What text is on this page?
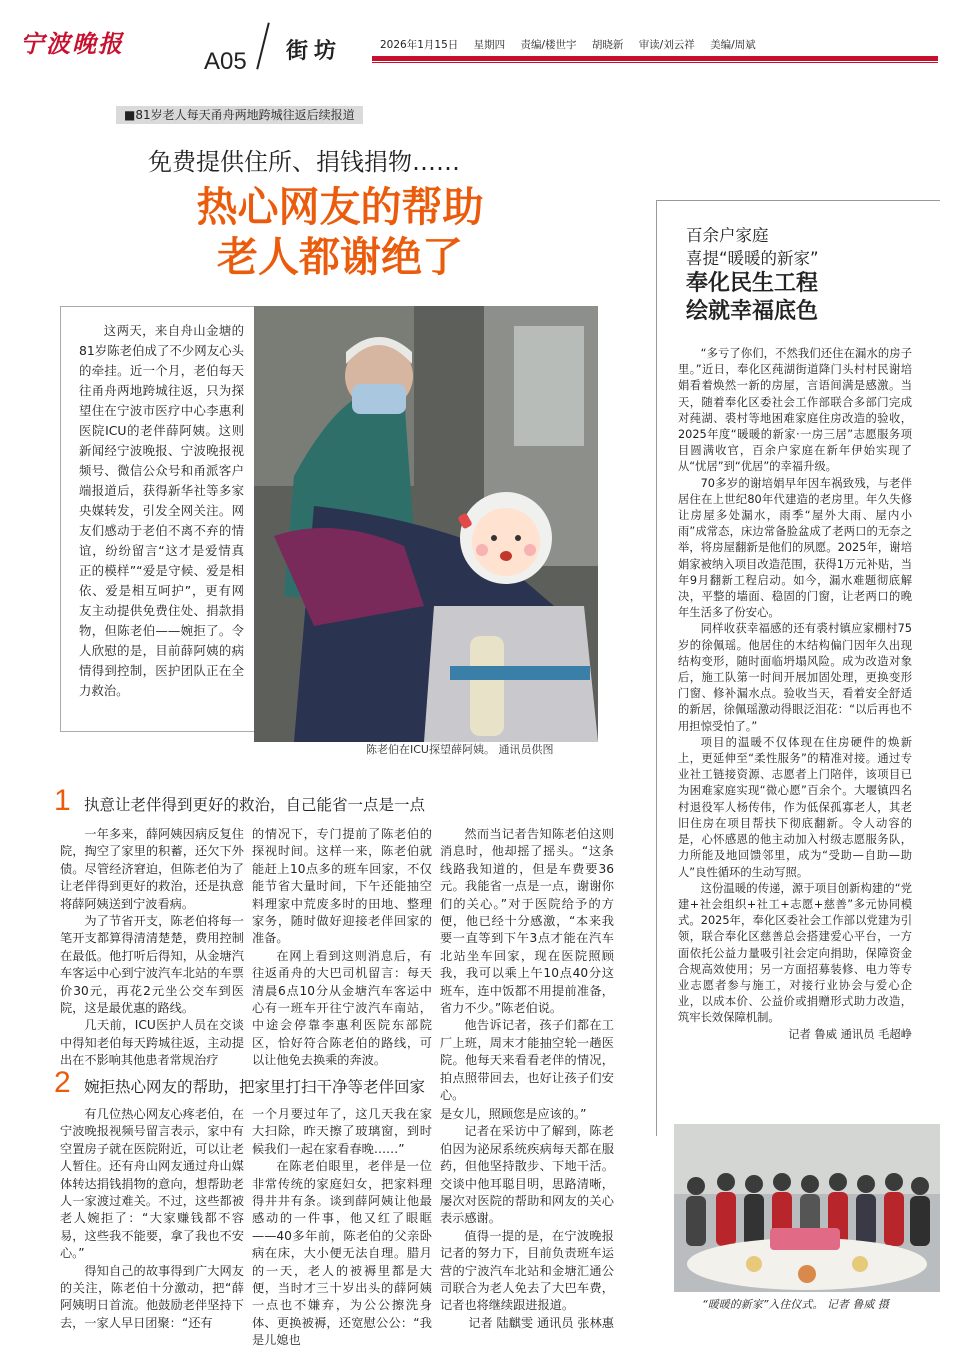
宁波晚报
A05 街坊	2026年1月15日 星期四 责编/楼世宇 胡晓新 审读/刘云祥 美编/周斌
■81岁老人每天甬舟两地跨城往返后续报道
免费提供住所、捐钱捐物……
热心网友的帮助
老人都谢绝了

这两天，来自舟山金塘的81岁陈老伯成了不少网友心头的牵挂。近一个月，老伯每天往甬舟两地跨城往返，只为探望住在宁波市医疗中心李惠利医院ICU的老伴薛阿姨。这则新闻经宁波晚报、宁波晚报视频号、微信公众号和甬派客户端报道后，获得新华社等多家央媒转发，引发全网关注。网友们感动于老伯不离不弃的情谊，纷纷留言“这才是爱情真正的模样”“爱是守候、爱是相依、爱是相互呵护”，更有网友主动提供免费住处、捐款捐物，但陈老伯——婉拒了。令人欣慰的是，目前薛阿姨的病情得到控制，医护团队正在全力救治。

陈老伯在ICU探望薛阿姨。 通讯员供图
1 执意让老伴得到更好的救治，自己能省一点是一点

一年多来，薛阿姨因病反复住院，掏空了家里的积蓄，还欠下外债。尽管经济窘迫，但陈老伯为了让老伴得到更好的救治，还是执意将薛阿姨送到宁波看病。

为了节省开支，陈老伯将每一笔开支都算得清清楚楚，费用控制在最低。他打听后得知，从金塘汽车客运中心到宁波汽车北站的车票价30元，再花2元坐公交车到医院，这是最优惠的路线。

几天前，ICU医护人员在交谈中得知老伯每天跨城往返，主动提出在不影响其他患者常规治疗

的情况下，专门提前了陈老伯的探视时间。这样一来，陈老伯就能赶上10点多的班车回家，不仅能节省大量时间，下午还能抽空料理家中荒废多时的田地、整理家务，随时做好迎接老伴回家的准备。

在网上看到这则消息后，有往返甬舟的大巴司机留言：每天清晨6点10分从金塘汽车客运中心有一班车开往宁波汽车南站，中途会停靠李惠利医院东部院区，恰好符合陈老伯的路线，可以让他免去换乘的奔波。

然而当记者告知陈老伯这则消息时，他却摇了摇头。“这条线路我知道的，但是车费要36元。我能省一点是一点，谢谢你们的关心。”对于医院给予的方便，他已经十分感激，“本来我要一直等到下午3点才能在汽车北站坐车回家，现在医院照顾我，我可以乘上午10点40分这班车，连中饭都不用提前准备，省力不少。”陈老伯说。

他告诉记者，孩子们都在工厂上班，周末才能抽空轮一趟医院。他每天来看看老伴的情况，拍点照带回去，也好让孩子们安心。

2 婉拒热心网友的帮助，把家里打扫干净等老伴回家

有几位热心网友心疼老伯，在宁波晚报视频号留言表示，家中有空置房子就在医院附近，可以让老人暂住。还有舟山网友通过舟山媒体转达捐钱捐物的意向，想帮助老人一家渡过难关。不过，这些都被老人婉拒了：“大家赚钱都不容易，这些我不能要，拿了我也不安心。”

得知自己的故事得到广大网友的关注，陈老伯十分激动，把“薛阿姨明日首流。他鼓励老伴坚持下去，一家人早日团聚：“还有

一个月要过年了，这几天我在家大扫除，昨天擦了玻璃窗，到时候我们一起在家看春晚……”

在陈老伯眼里，老伴是一位非常传统的家庭妇女，把家料理得井井有条。谈到薛阿姨让他最感动的一件事，他又红了眼眶——40多年前，陈老伯的父亲卧病在床，大小便无法自理。腊月的一天，老人的被褥里都是大便，当时才三十岁出头的薛阿姨一点也不嫌弃，为公公擦洗身体、更换被褥，还宽慰公公：“我是儿媳也

是女儿，照顾您是应该的。”

记者在采访中了解到，陈老伯因为泌尿系统疾病每天都在服药，但他坚持散步、下地干活。交谈中他耳聪目明，思路清晰，屡次对医院的帮助和网友的关心表示感谢。

值得一提的是，在宁波晚报记者的努力下，目前负责班车运营的宁波汽车北站和金塘汇通公司联合为老人免去了大巴车费，记者也将继续跟进报道。

记者 陆麒雯 通讯员 张林惠

百余户家庭
喜提“暖暖的新家”
奉化民生工程
绘就幸福底色

“多亏了你们，不然我们还住在漏水的房子里。”近日，奉化区莼湖街道降门头村村民谢培娟看着焕然一新的房屋，言语间满是感激。当天，随着奉化区委社会工作部联合多部门完成对莼湖、裘村等地困难家庭住房改造的验收，2025年度“暖暖的新家·一房三居”志愿服务项目圆满收官，百余户家庭在新年伊始实现了从“忧居”到“优居”的幸福升级。

70多岁的谢培娟早年因车祸致残，与老伴居住在上世纪80年代建造的老房里。年久失修让房屋多处漏水，雨季“屋外大雨、屋内小雨”成常态，床边常备脸盆成了老两口的无奈之举，将房屋翻新是他们的夙愿。2025年，谢培娟家被纳入项目改造范围，获得1万元补贴，当年9月翻新工程启动。如今，漏水难题彻底解决，平整的墙面、稳固的门窗，让老两口的晚年生活多了份安心。

同样收获幸福感的还有裘村镇应家棚村75岁的徐佩瑶。他居住的木结构偏门因年久出现结构变形，随时面临坍塌风险。成为改造对象后，施工队第一时间开展加固处理，更换变形门窗、修补漏水点。验收当天，看着安全舒适的新居，徐佩瑶激动得眼泛泪花：“以后再也不用担惊受怕了。”

项目的温暖不仅体现在住房硬件的焕新上，更延伸至“柔性服务”的精准对接。通过专业社工链接资源、志愿者上门陪伴，该项目已为困难家庭实现“微心愿”百余个。大堰镇四名村退役军人杨传伟，作为低保孤寡老人，其老旧住房在项目帮扶下彻底翻新。令人动容的是，心怀感恩的他主动加入村级志愿服务队，力所能及地回馈邻里，成为“受助—自助—助人”良性循环的生动写照。

这份温暖的传递，源于项目创新构建的“党建+社会组织+社工+志愿+慈善”多元协同模式。2025年，奉化区委社会工作部以党建为引领，联合奉化区慈善总会搭建爱心平台，一方面依托公益力量吸引社会定向捐助，保障资金合规高效使用；另一方面招募装修、电力等专业志愿者参与施工，对接行业协会与爱心企业，以成本价、公益价或捐赠形式助力改造，筑牢长效保障机制。

记者 鲁威 通讯员 毛超峥

“暖暖的新家”入住仪式。 记者 鲁威 摄
